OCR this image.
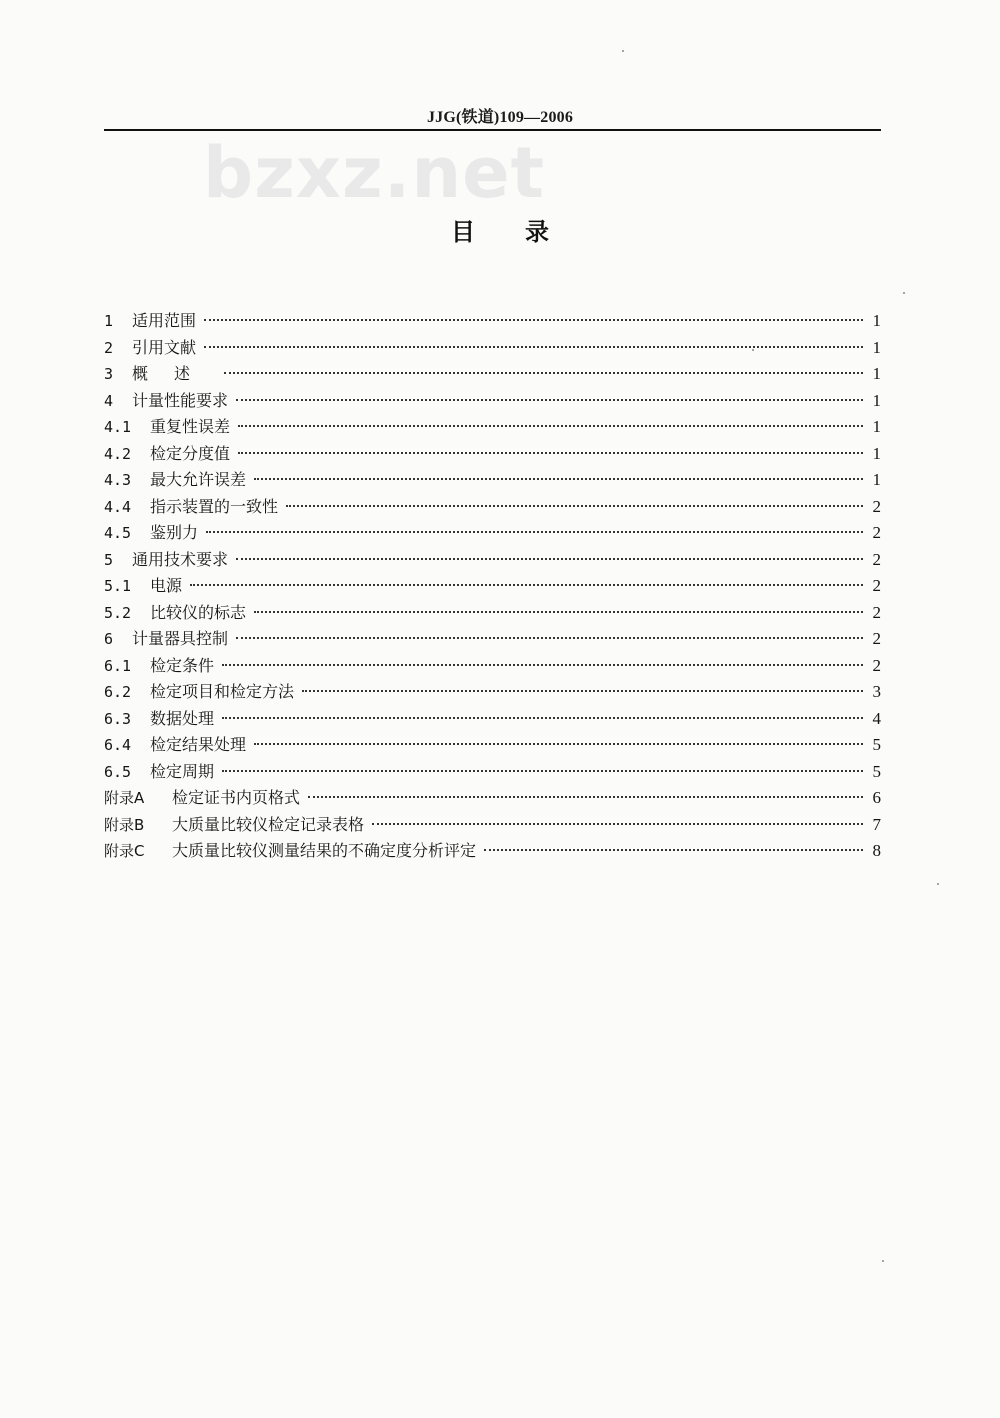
JJG(铁道)109—2006
bzxz.net
目录
1	适用范围	1
2	引用文献	1
3	概述	1
4	计量性能要求	1
4.1	重复性误差	1
4.2	检定分度值	1
4.3	最大允许误差	1
4.4	指示装置的一致性	2
4.5	鉴别力	2
5	通用技术要求	2
5.1	电源	2
5.2	比较仪的标志	2
6	计量器具控制	2
6.1	检定条件	2
6.2	检定项目和检定方法	3
6.3	数据处理	4
6.4	检定结果处理	5
6.5	检定周期	5
附录A	检定证书内页格式	6
附录B	大质量比较仪检定记录表格	7
附录C	大质量比较仪测量结果的不确定度分析评定	8
